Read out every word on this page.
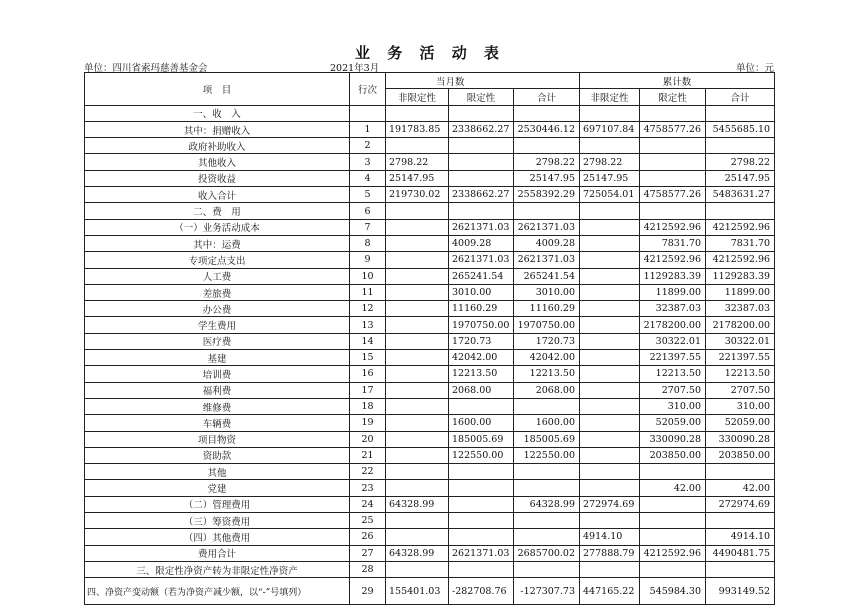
业 务 活 动 表
单位：四川省索玛慈善基金会	2021年3月	单位：元
项　目	行次	当月数			累计数		
		非限定性	限定性	合计	非限定性	限定性	合计
一、收　入							
其中：捐赠收入	1	191783.85	2338662.27	2530446.12	697107.84	4758577.26	5455685.10
政府补助收入	2						
其他收入	3	2798.22		2798.22	2798.22		2798.22
投资收益	4	25147.95		25147.95	25147.95		25147.95
收入合计	5	219730.02	2338662.27	2558392.29	725054.01	4758577.26	5483631.27
二、费　用	6						
（一）业务活动成本	7		2621371.03	2621371.03		4212592.96	4212592.96
其中：运费	8		4009.28	4009.28		7831.70	7831.70
专项定点支出	9		2621371.03	2621371.03		4212592.96	4212592.96
人工费	10		265241.54	265241.54		1129283.39	1129283.39
差旅费	11		3010.00	3010.00		11899.00	11899.00
办公费	12		11160.29	11160.29		32387.03	32387.03
学生费用	13		1970750.00	1970750.00		2178200.00	2178200.00
医疗费	14		1720.73	1720.73		30322.01	30322.01
基建	15		42042.00	42042.00		221397.55	221397.55
培训费	16		12213.50	12213.50		12213.50	12213.50
福利费	17		2068.00	2068.00		2707.50	2707.50
维修费	18					310.00	310.00
车辆费	19		1600.00	1600.00		52059.00	52059.00
项目物资	20		185005.69	185005.69		330090.28	330090.28
资助款	21		122550.00	122550.00		203850.00	203850.00
其他	22						
党建	23					42.00	42.00
（二）管理费用	24	64328.99		64328.99	272974.69		272974.69
（三）筹资费用	25						
（四）其他费用	26				4914.10		4914.10
费用合计	27	64328.99	2621371.03	2685700.02	277888.79	4212592.96	4490481.75
三、限定性净资产转为非限定性净资产	28						
四、净资产变动额（若为净资产减少额，以“-”号填列）	29	155401.03	-282708.76	-127307.73	447165.22	545984.30	993149.52
